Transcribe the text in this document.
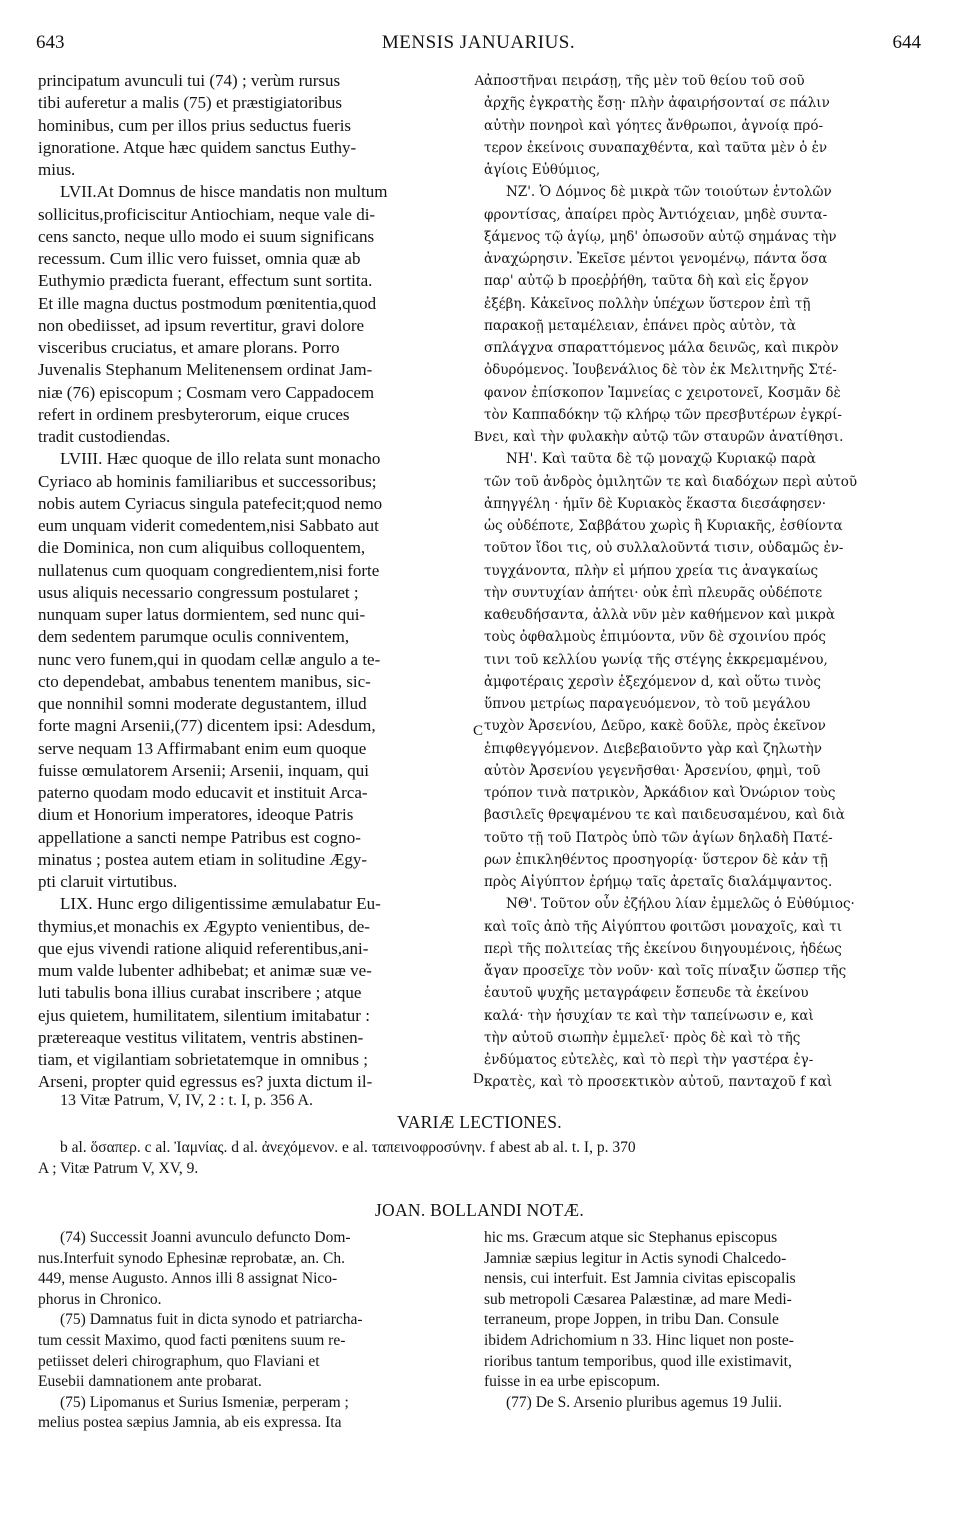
643	MENSIS JANUARIUS.	644
principatum avunculi tui (74) ; verùm rursus
tibi auferetur a malis (75) et præstigiatoribus
hominibus, cum per illos prius seductus fueris
ignoratione. Atque hæc quidem sanctus Euthy-
mius.
LVII.At Domnus de hisce mandatis non multum
sollicitus,proficiscitur Antiochiam, neque vale di-
cens sancto, neque ullo modo ei suum significans
recessum. Cum illic vero fuisset, omnia quæ ab
Euthymio prædicta fuerant, effectum sunt sortita.
Et ille magna ductus postmodum pœnitentia,quod
non obediisset, ad ipsum revertitur, gravi dolore
visceribus cruciatus, et amare plorans. Porro
Juvenalis Stephanum Melitenensem ordinat Jam-
niæ (76) episcopum ; Cosmam vero Cappadocem
refert in ordinem presbyterorum, eique cruces
tradit custodiendas.
LVIII. Hæc quoque de illo relata sunt monacho
Cyriaco ab hominis familiaribus et successoribus;
nobis autem Cyriacus singula patefecit;quod nemo
eum unquam viderit comedentem,nisi Sabbato aut
die Dominica, non cum aliquibus colloquentem,
nullatenus cum quoquam congredientem,nisi forte
usus aliquis necessario congressum postularet ;
nunquam super latus dormientem, sed nunc qui-
dem sedentem parumque oculis conniventem,
nunc vero funem,qui in quodam cellæ angulo a te-
cto dependebat, ambabus tenentem manibus, sic-
que nonnihil somni moderate degustantem, illud
forte magni Arsenii,(77) dicentem ipsi: Adesdum,
serve nequam 13 Affirmabant enim eum quoque
fuisse œmulatorem Arsenii; Arsenii, inquam, qui
paterno quodam modo educavit et instituit Arca-
dium et Honorium imperatores, ideoque Patris
appellatione a sancti nempe Patribus est cogno-
minatus ; postea autem etiam in solitudine Ægy-
pti claruit virtutibus.
LIX. Hunc ergo diligentissime æmulabatur Eu-
thymius,et monachis ex Ægypto venientibus, de-
que ejus vivendi ratione aliquid referentibus,ani-
mum valde lubenter adhibebat; et animæ suæ ve-
luti tabulis bona illius curabat inscribere ; atque
ejus quietem, humilitatem, silentium imitabatur :
prætereaque vestitus vilitatem, ventris abstinen-
tiam, et vigilantiam sobrietatemque in omnibus ;
Arseni, propter quid egressus es? juxta dictum il-
ἀποστῆναι πειράσῃ, τῆς μὲν τοῦ θείου τοῦ σοῦ
ἀρχῆς ἐγκρατὴς ἔσῃ· πλὴν ἀφαιρήσονταί σε πάλιν
αὐτὴν πονηροὶ καὶ γόητες ἄνθρωποι, ἀγνοίᾳ πρό-
τερον ἐκείνοις συναπαχθέντα, καὶ ταῦτα μὲν ὁ ἐν
ἁγίοις Εὐθύμιος,
ΝΖ'. Ὁ Δόμνος δὲ μικρὰ τῶν τοιούτων ἐντολῶν
φροντίσας, ἀπαίρει πρὸς Ἀντιόχειαν, μηδὲ συντα-
ξάμενος τῷ ἁγίῳ, μηδ' ὁπωσοῦν αὐτῷ σημάνας τὴν
ἀναχώρησιν. Ἐκεῖσε μέντοι γενομένῳ, πάντα ὅσα
παρ' αὐτῷ b προεῤῥήθη, ταῦτα δὴ καὶ εἰς ἔργον
ἐξέβη. Κἀκεῖνος πολλὴν ὑπέχων ὕστερον ἐπὶ τῇ
παρακοῇ μεταμέλειαν, ἐπάνει πρὸς αὐτὸν, τὰ
σπλάγχνα σπαραττόμενος μάλα δεινῶς, καὶ πικρὸν
ὀδυρόμενος. Ἰουβενάλιος δὲ τὸν ἐκ Μελιτηνῆς Στέ-
φανον ἐπίσκοπον Ἰαμνείας c χειροτονεῖ, Κοσμᾶν δὲ
τὸν Καππαδόκην τῷ κλήρῳ τῶν πρεσβυτέρων ἐγκρί-
νει, καὶ τὴν φυλακὴν αὐτῷ τῶν σταυρῶν ἀνατίθησι.
ΝΗ'. Καὶ ταῦτα δὲ τῷ μοναχῷ Κυριακῷ παρὰ
τῶν τοῦ ἀνδρὸς ὁμιλητῶν τε καὶ διαδόχων περὶ αὐτοῦ
ἀπηγγέλη · ἡμῖν δὲ Κυριακὸς ἕκαστα διεσάφησεν·
ὡς οὐδέποτε, Σαββάτου χωρὶς ἢ Κυριακῆς, ἐσθίοντα
τοῦτον ἴδοι τις, οὐ συλλαλοῦντά τισιν, οὐδαμῶς ἐν-
τυγχάνοντα, πλὴν εἰ μήπου χρεία τις ἀναγκαίως
τὴν συντυχίαν ἀπήτει· οὐκ ἐπὶ πλευρᾶς οὐδέποτε
καθευδήσαντα, ἀλλὰ νῦν μὲν καθήμενον καὶ μικρὰ
τοὺς ὀφθαλμοὺς ἐπιμύοντα, νῦν δὲ σχοινίου πρός
τινι τοῦ κελλίου γωνίᾳ τῆς στέγης ἐκκρεμαμένου,
ἀμφοτέραις χερσὶν ἐξεχόμενον d, καὶ οὕτω τινὸς
ὕπνου μετρίως παραγευόμενον, τὸ τοῦ μεγάλου
τυχὸν Ἀρσενίου, Δεῦρο, κακὲ δοῦλε, πρὸς ἐκεῖνον
ἐπιφθεγγόμενον. Διεβεβαιοῦντο γὰρ καὶ ζηλωτὴν
αὐτὸν Ἀρσενίου γεγενῆσθαι· Ἀρσενίου, φημὶ, τοῦ
τρόπον τινὰ πατρικὸν, Ἀρκάδιον καὶ Ὀνώριον τοὺς
βασιλεῖς θρεψαμένου τε καὶ παιδευσαμένου, καὶ διὰ
τοῦτο τῇ τοῦ Πατρὸς ὑπὸ τῶν ἁγίων δηλαδὴ Πατέ-
ρων ἐπικληθέντος προσηγορίᾳ· ὕστερον δὲ κἀν τῇ
πρὸς Αἰγύπτον ἐρήμῳ ταῖς ἀρεταῖς διαλάμψαντος.
ΝΘ'. Τοῦτον οὖν ἐζήλου λίαν ἐμμελῶς ὁ Εὐθύμιος·
καὶ τοῖς ἀπὸ τῆς Αἰγύπτου φοιτῶσι μοναχοῖς, καὶ τι
περὶ τῆς πολιτείας τῆς ἐκείνου διηγουμένοις, ἡδέως
ἄγαν προσεῖχε τὸν νοῦν· καὶ τοῖς πίναξιν ὥσπερ τῆς
ἑαυτοῦ ψυχῆς μεταγράφειν ἔσπευδε τὰ ἐκείνου
καλά· τὴν ἡσυχίαν τε καὶ τὴν ταπείνωσιν e, καὶ
τὴν αὐτοῦ σιωπὴν ἐμμελεῖ· πρὸς δὲ καὶ τὸ τῆς
ἐνδύματος εὐτελὲς, καὶ τὸ περὶ τὴν γαστέρα ἐγ-
κρατὲς, καὶ τὸ προσεκτικὸν αὐτοῦ, πανταχοῦ f καὶ
A
B
C
D
13 Vitæ Patrum, V, IV, 2 : t. I, p. 356 A.
VARIÆ LECTIONES.
b al. ὅσαπερ. c al. Ἰαμνίας. d al. ἀνεχόμενον. e al. ταπεινοφροσύνην. f abest ab al. t. I, p. 370
A ; Vitæ Patrum V, XV, 9.
JOAN. BOLLANDI NOTÆ.
(74) Successit Joanni avunculo defuncto Dom-
nus.Interfuit synodo Ephesinæ reprobatæ, an. Ch.
449, mense Augusto. Annos illi 8 assignat Nico-
phorus in Chronico.
(75) Damnatus fuit in dicta synodo et patriarcha-
tum cessit Maximo, quod facti pœnitens suum re-
petiisset deleri chirographum, quo Flaviani et
Eusebii damnationem ante probarat.
(75) Lipomanus et Surius Ismeniæ, perperam ;
melius postea sæpius Jamnia, ab eis expressa. Ita
hic ms. Græcum atque sic Stephanus episcopus
Jamniæ sæpius legitur in Actis synodi Chalcedo-
nensis, cui interfuit. Est Jamnia civitas episcopalis
sub metropoli Cæsarea Palæstinæ, ad mare Medi-
terraneum, prope Joppen, in tribu Dan. Consule
ibidem Adrichomium n 33. Hinc liquet non poste-
rioribus tantum temporibus, quod ille existimavit,
fuisse in ea urbe episcopum.
(77) De S. Arsenio pluribus agemus 19 Julii.
